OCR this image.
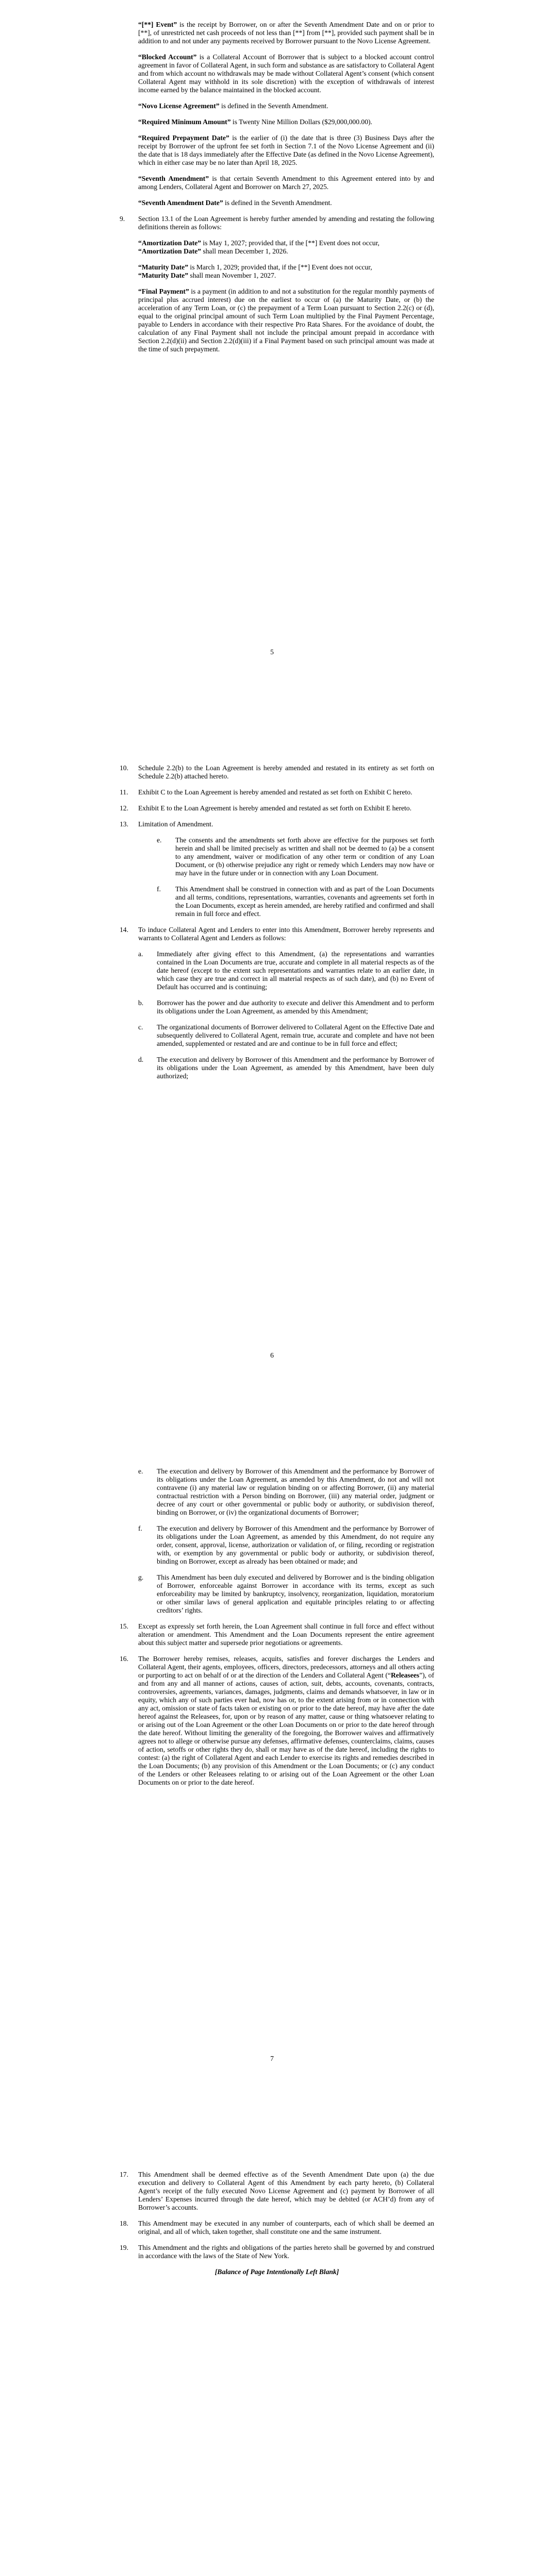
“[**] Event” is the receipt by Borrower, on or after the Seventh Amendment Date and on or prior to [**], of unrestricted net cash proceeds of not less than [**] from [**], provided such payment shall be in addition to and not under any payments received by Borrower pursuant to the Novo License Agreement.

“Blocked Account” is a Collateral Account of Borrower that is subject to a blocked account control agreement in favor of Collateral Agent, in such form and substance as are satisfactory to Collateral Agent and from which account no withdrawals may be made without Collateral Agent’s consent (which consent Collateral Agent may withhold in its sole discretion) with the exception of withdrawals of interest income earned by the balance maintained in the blocked account.

“Novo License Agreement” is defined in the Seventh Amendment.

“Required Minimum Amount” is Twenty Nine Million Dollars ($29,000,000.00).

“Required Prepayment Date” is the earlier of (i) the date that is three (3) Business Days after the receipt by Borrower of the upfront fee set forth in Section 7.1 of the Novo License Agreement and (ii) the date that is 18 days immediately after the Effective Date (as defined in the Novo License Agreement), which in either case may be no later than April 18, 2025.

“Seventh Amendment” is that certain Seventh Amendment to this Agreement entered into by and among Lenders, Collateral Agent and Borrower on March 27, 2025.

“Seventh Amendment Date” is defined in the Seventh Amendment.

9. Section 13.1 of the Loan Agreement is hereby further amended by amending and restating the following definitions therein as follows:

“Amortization Date” is May 1, 2027; provided that, if the [**] Event does not occur,
“Amortization Date” shall mean December 1, 2026.

“Maturity Date” is March 1, 2029; provided that, if the [**] Event does not occur,
“Maturity Date” shall mean November 1, 2027.

“Final Payment” is a payment (in addition to and not a substitution for the regular monthly payments of principal plus accrued interest) due on the earliest to occur of (a) the Maturity Date, or (b) the acceleration of any Term Loan, or (c) the prepayment of a Term Loan pursuant to Section 2.2(c) or (d), equal to the original principal amount of such Term Loan multiplied by the Final Payment Percentage, payable to Lenders in accordance with their respective Pro Rata Shares. For the avoidance of doubt, the calculation of any Final Payment shall not include the principal amount prepaid in accordance with Section 2.2(d)(ii) and Section 2.2(d)(iii) if a Final Payment based on such principal amount was made at the time of such prepayment.

5
10. Schedule 2.2(b) to the Loan Agreement is hereby amended and restated in its entirety as set forth on Schedule 2.2(b) attached hereto.
11. Exhibit C to the Loan Agreement is hereby amended and restated as set forth on Exhibit C hereto.
12. Exhibit E to the Loan Agreement is hereby amended and restated as set forth on Exhibit E hereto.
13. Limitation of Amendment.
e. The consents and the amendments set forth above are effective for the purposes set forth herein and shall be limited precisely as written and shall not be deemed to (a) be a consent to any amendment, waiver or modification of any other term or condition of any Loan Document, or (b) otherwise prejudice any right or remedy which Lenders may now have or may have in the future under or in connection with any Loan Document.
f. This Amendment shall be construed in connection with and as part of the Loan Documents and all terms, conditions, representations, warranties, covenants and agreements set forth in the Loan Documents, except as herein amended, are hereby ratified and confirmed and shall remain in full force and effect.
14. To induce Collateral Agent and Lenders to enter into this Amendment, Borrower hereby represents and warrants to Collateral Agent and Lenders as follows:
a. Immediately after giving effect to this Amendment, (a) the representations and warranties contained in the Loan Documents are true, accurate and complete in all material respects as of the date hereof (except to the extent such representations and warranties relate to an earlier date, in which case they are true and correct in all material respects as of such date), and (b) no Event of Default has occurred and is continuing;
b. Borrower has the power and due authority to execute and deliver this Amendment and to perform its obligations under the Loan Agreement, as amended by this Amendment;
c. The organizational documents of Borrower delivered to Collateral Agent on the Effective Date and subsequently delivered to Collateral Agent, remain true, accurate and complete and have not been amended, supplemented or restated and are and continue to be in full force and effect;
d. The execution and delivery by Borrower of this Amendment and the performance by Borrower of its obligations under the Loan Agreement, as amended by this Amendment, have been duly authorized;
6
e. The execution and delivery by Borrower of this Amendment and the performance by Borrower of its obligations under the Loan Agreement, as amended by this Amendment, do not and will not contravene (i) any material law or regulation binding on or affecting Borrower, (ii) any material contractual restriction with a Person binding on Borrower, (iii) any material order, judgment or decree of any court or other governmental or public body or authority, or subdivision thereof, binding on Borrower, or (iv) the organizational documents of Borrower;
f. The execution and delivery by Borrower of this Amendment and the performance by Borrower of its obligations under the Loan Agreement, as amended by this Amendment, do not require any order, consent, approval, license, authorization or validation of, or filing, recording or registration with, or exemption by any governmental or public body or authority, or subdivision thereof, binding on Borrower, except as already has been obtained or made; and
g. This Amendment has been duly executed and delivered by Borrower and is the binding obligation of Borrower, enforceable against Borrower in accordance with its terms, except as such enforceability may be limited by bankruptcy, insolvency, reorganization, liquidation, moratorium or other similar laws of general application and equitable principles relating to or affecting creditors’ rights.
15. Except as expressly set forth herein, the Loan Agreement shall continue in full force and effect without alteration or amendment. This Amendment and the Loan Documents represent the entire agreement about this subject matter and supersede prior negotiations or agreements.
16. The Borrower hereby remises, releases, acquits, satisfies and forever discharges the Lenders and Collateral Agent, their agents, employees, officers, directors, predecessors, attorneys and all others acting or purporting to act on behalf of or at the direction of the Lenders and Collateral Agent (“Releasees”), of and from any and all manner of actions, causes of action, suit, debts, accounts, covenants, contracts, controversies, agreements, variances, damages, judgments, claims and demands whatsoever, in law or in equity, which any of such parties ever had, now has or, to the extent arising from or in connection with any act, omission or state of facts taken or existing on or prior to the date hereof, may have after the date hereof against the Releasees, for, upon or by reason of any matter, cause or thing whatsoever relating to or arising out of the Loan Agreement or the other Loan Documents on or prior to the date hereof through the date hereof. Without limiting the generality of the foregoing, the Borrower waives and affirmatively agrees not to allege or otherwise pursue any defenses, affirmative defenses, counterclaims, claims, causes of action, setoffs or other rights they do, shall or may have as of the date hereof, including the rights to contest: (a) the right of Collateral Agent and each Lender to exercise its rights and remedies described in the Loan Documents; (b) any provision of this Amendment or the Loan Documents; or (c) any conduct of the Lenders or other Releasees relating to or arising out of the Loan Agreement or the other Loan Documents on or prior to the date hereof.
7
17. This Amendment shall be deemed effective as of the Seventh Amendment Date upon (a) the due execution and delivery to Collateral Agent of this Amendment by each party hereto, (b) Collateral Agent’s receipt of the fully executed Novo License Agreement and (c) payment by Borrower of all Lenders’ Expenses incurred through the date hereof, which may be debited (or ACH’d) from any of Borrower’s accounts.
18. This Amendment may be executed in any number of counterparts, each of which shall be deemed an original, and all of which, taken together, shall constitute one and the same instrument.
19. This Amendment and the rights and obligations of the parties hereto shall be governed by and construed in accordance with the laws of the State of New York.

[Balance of Page Intentionally Left Blank]
